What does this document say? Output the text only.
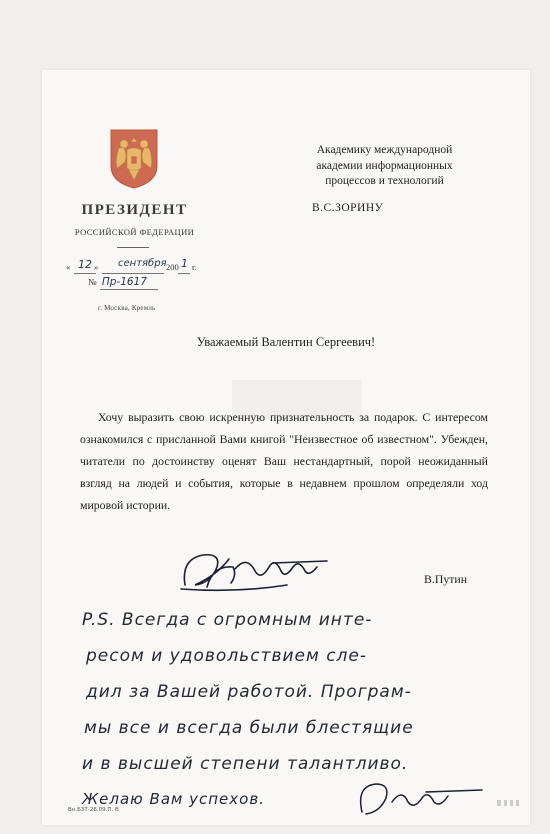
ПРЕЗИДЕНТ
РОССИЙСКОЙ ФЕДЕРАЦИИ
« 12 » сентября 200 1 г.
№ Пр-1617
г. Москва, Кремль
Академику международной
академии информационных
процессов и технологий
В.С.ЗОРИНУ
Уважаемый Валентин Сергеевич!

Хочу выразить свою искренную признательность за подарок. С интересом ознакомился с присланной Вами книгой "Неизвестное об известном". Убежден, читатели по достоинству оценят Ваш нестандартный, порой неожиданный взгляд на людей и события, которые в недавнем прошлом определяли ход мировой истории.

В.Путин
P.S. Всегда с огромным инте-
ресом и удовольствием сле-
дил за Вашей работой. Програм-
мы все и всегда были блестящие
и в высшей степени талантливо.
Желаю Вам успехов.
Вн.Б37-26.09.П. В
